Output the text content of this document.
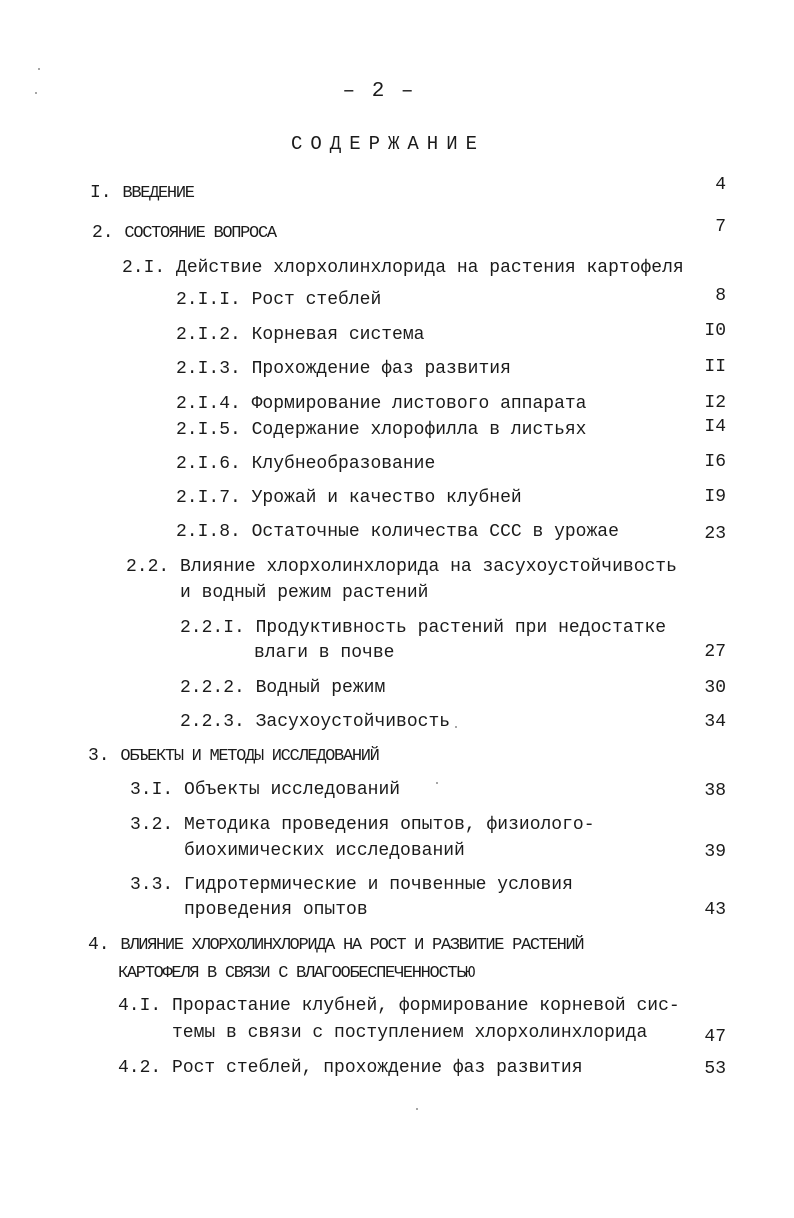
– 2 –
СОДЕРЖАНИЕ
I. ВВЕДЕНИЕ	4
2. СОСТОЯНИЕ ВОПРОСА	7
2.I. Действие хлорхолинхлорида на растения картофеля
2.I.I. Рост стеблей	8
2.I.2. Корневая система	I0
2.I.3. Прохождение фаз развития	II
2.I.4. Формирование листового аппарата	I2
2.I.5. Содержание хлорофилла в листьях	I4
2.I.6. Клубнеобразование	I6
2.I.7. Урожай и качество клубней	I9
2.I.8. Остаточные количества ССС в урожае	23
2.2. Влияние хлорхолинхлорида на засухоустойчивость
и водный режим растений
2.2.I. Продуктивность растений при недостатке
влаги в почве	27
2.2.2. Водный режим	30
2.2.3. Засухоустойчивость	34
3. ОБЪЕКТЫ И МЕТОДЫ ИССЛЕДОВАНИЙ
3.I. Объекты исследований	38
3.2. Методика проведения опытов, физиолого-
биохимических исследований	39
3.3. Гидротермические и почвенные условия
проведения опытов	43
4. ВЛИЯНИЕ ХЛОРХОЛИНХЛОРИДА НА РОСТ И РАЗВИТИЕ РАСТЕНИЙ
КАРТОФЕЛЯ В СВЯЗИ С ВЛАГООБЕСПЕЧЕННОСТЬЮ
4.I. Прорастание клубней, формирование корневой сис-
темы в связи с поступлением хлорхолинхлорида	47
4.2. Рост стеблей, прохождение фаз развития	53
